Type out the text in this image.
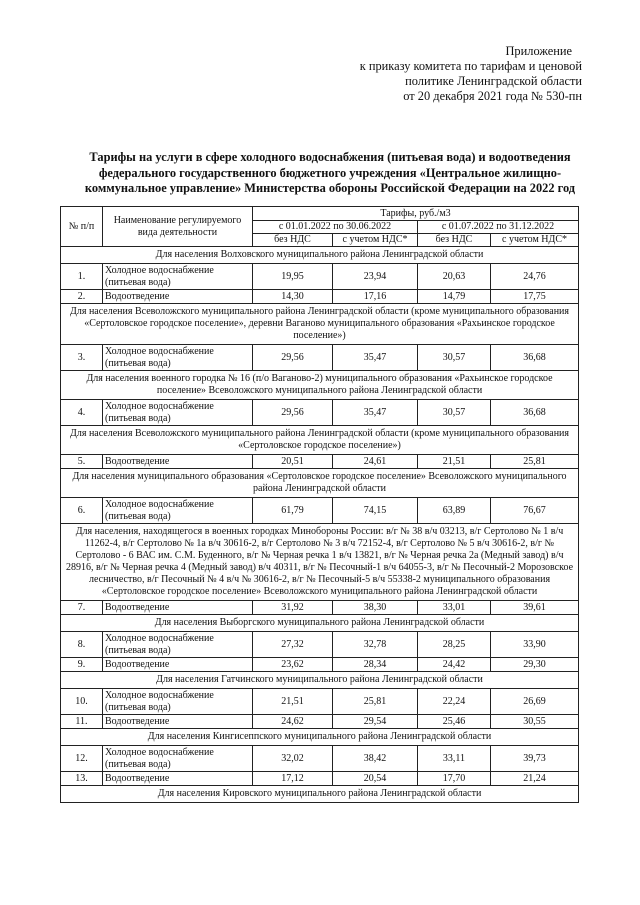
Приложение
к приказу комитета по тарифам и ценовой
политике Ленинградской области
от 20 декабря 2021 года № 530-пн
Тарифы на услуги в сфере холодного водоснабжения (питьевая вода) и водоотведения федерального государственного бюджетного учреждения «Центральное жилищно-коммунальное управление» Министерства обороны Российской Федерации на 2022 год
№ п/п	Наименование регулируемого вида деятельности	Тарифы, руб./м3			
		с 01.01.2022 по 30.06.2022		с 01.07.2022 по 31.12.2022	
		без НДС	с учетом НДС*	без НДС	с учетом НДС*
Для населения Волховского муниципального района Ленинградской области					
1.	Холодное водоснабжение (питьевая вода)	19,95	23,94	20,63	24,76
2.	Водоотведение	14,30	17,16	14,79	17,75
Для населения Всеволожского муниципального района Ленинградской области (кроме муниципального образования «Сертоловское городское поселение», деревни Ваганово муниципального образования «Рахьинское городское поселение»)					
3.	Холодное водоснабжение (питьевая вода)	29,56	35,47	30,57	36,68
Для населения военного городка № 16 (п/о Ваганово-2) муниципального образования «Рахьинское городское поселение» Всеволожского муниципального района Ленинградской области					
4.	Холодное водоснабжение (питьевая вода)	29,56	35,47	30,57	36,68
Для населения Всеволожского муниципального района Ленинградской области (кроме муниципального образования «Сертоловское городское поселение»)					
5.	Водоотведение	20,51	24,61	21,51	25,81
Для населения муниципального образования «Сертоловское городское поселение» Всеволожского муниципального района Ленинградской области					
6.	Холодное водоснабжение (питьевая вода)	61,79	74,15	63,89	76,67
Для населения, находящегося в военных городках Минобороны России: в/г № 38 в/ч 03213, в/г Сертолово № 1 в/ч 11262-4, в/г Сертолово № 1а в/ч 30616-2, в/г Сертолово № 3 в/ч 72152-4, в/г Сертолово № 5 в/ч 30616-2, в/г № Сертолово - 6 ВАС им. С.М. Буденного, в/г № Черная речка 1 в/ч 13821, в/г № Черная речка 2а (Медный завод) в/ч 28916, в/г № Черная речка 4 (Медный завод) в/ч 40311, в/г № Песочный-1 в/ч 64055-3, в/г № Песочный-2 Морозовское лесничество, в/г Песочный № 4 в/ч № 30616-2, в/г № Песочный-5 в/ч 55338-2 муниципального образования «Сертоловское городское поселение» Всеволожского муниципального района Ленинградской области					
7.	Водоотведение	31,92	38,30	33,01	39,61
Для населения Выборгского муниципального района Ленинградской области					
8.	Холодное водоснабжение (питьевая вода)	27,32	32,78	28,25	33,90
9.	Водоотведение	23,62	28,34	24,42	29,30
Для населения Гатчинского муниципального района Ленинградской области					
10.	Холодное водоснабжение (питьевая вода)	21,51	25,81	22,24	26,69
11.	Водоотведение	24,62	29,54	25,46	30,55
Для населения Кингисеппского муниципального района Ленинградской области					
12.	Холодное водоснабжение (питьевая вода)	32,02	38,42	33,11	39,73
13.	Водоотведение	17,12	20,54	17,70	21,24
Для населения Кировского муниципального района Ленинградской области					
